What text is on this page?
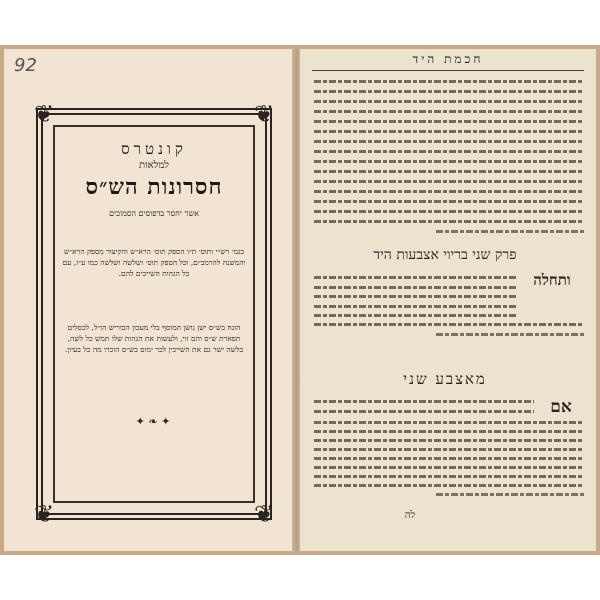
92
❦	❦
❦	❦
קונטרס
למלאות
חסרונות הש״ס
אשר יחסר בדפוסים הסמוכים
בגמ׳ רש״י ותוס׳ ת״ו הספק תוס׳ הרא״ש והקיצור מספק הרא״ש והמשנה להרמב״ם, וכל הספק תוס׳ ושלשה ושלשה כמו ע״ז, עם כל הגהות השייכים להם.
הונח בש״ס ישן נושן המוסף בלי מעכון הכוריש הו״ל, לכסלים תפארת ש״ס והם זוי, ולעשות את הגהות שלו תמש כל לשה, בלשה ישר גם את השייכין לכר ימוס בש״ס הוכרו מה כל בעיון.
✦ ❧ ✦
חכמת היד
פרק שני בריוי אצבעות היד
ותחלה
מאצבע שני
אם
לה
